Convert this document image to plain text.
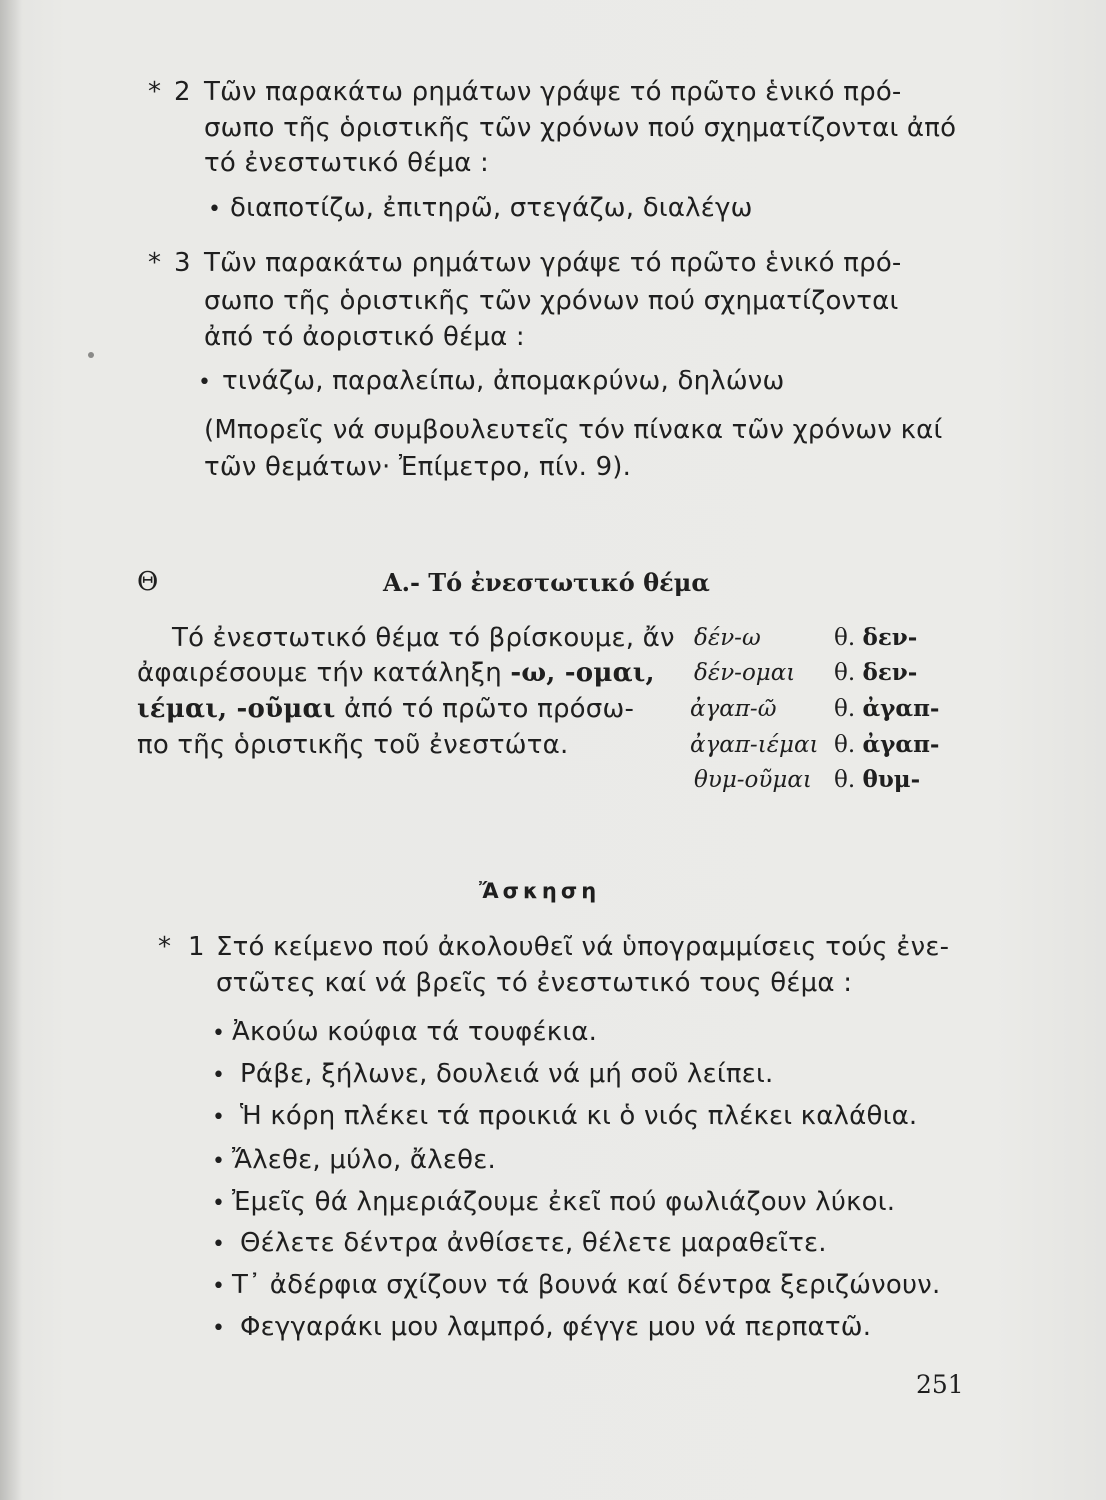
* 2 Τῶν παρακάτω ρημάτων γράψε τό πρῶτο ἑνικό πρό-
σωπο τῆς ὁριστικῆς τῶν χρόνων πού σχηματίζονται ἀπό
τό ἐνεστωτικό θέμα :
• διαποτίζω, ἐπιτηρῶ, στεγάζω, διαλέγω
* 3 Τῶν παρακάτω ρημάτων γράψε τό πρῶτο ἑνικό πρό-
σωπο τῆς ὁριστικῆς τῶν χρόνων πού σχηματίζονται
ἀπό τό ἀοριστικό θέμα :
• τινάζω, παραλείπω, ἀπομακρύνω, δηλώνω
(Μπορεῖς νά συμβουλευτεῖς τόν πίνακα τῶν χρόνων καί
τῶν θεμάτων· Ἐπίμετρο, πίν. 9).
Θ	Α.- Τό ἐνεστωτικό θέμα
Τό ἐνεστωτικό θέμα τό βρίσκουμε, ἄν
ἀφαιρέσουμε τήν κατάληξη -ω, -ομαι,
ιέμαι, -οῦμαι ἀπό τό πρῶτο πρόσω-
πο τῆς ὁριστικῆς τοῦ ἐνεστώτα.
δέν-ω	θ. δεν-
δέν-ομαι θ. δεν-
ἀγαπ-ῶ	θ. ἀγαπ-
ἀγαπ-ιέμαι θ. ἀγαπ-
θυμ-οῦμαι θ. θυμ-
Ἄσκηση
* 1 Στό κείμενο πού ἀκολουθεῖ νά ὑπογραμμίσεις τούς ἐνε-
στῶτες καί νά βρεῖς τό ἐνεστωτικό τους θέμα :
• Ἀκούω κούφια τά τουφέκια.
• Ράβε, ξήλωνε, δουλειά νά μή σοῦ λείπει.
• Ἡ κόρη πλέκει τά προικιά κι ὁ νιός πλέκει καλάθια.
• Ἄλεθε, μύλο, ἄλεθε.
• Ἐμεῖς θά λημεριάζουμε ἐκεῖ πού φωλιάζουν λύκοι.
• Θέλετε δέντρα ἀνθίσετε, θέλετε μαραθεῖτε.
• Τ᾽ ἀδέρφια σχίζουν τά βουνά καί δέντρα ξεριζώνουν.
• Φεγγαράκι μου λαμπρό, φέγγε μου νά περπατῶ.
251
